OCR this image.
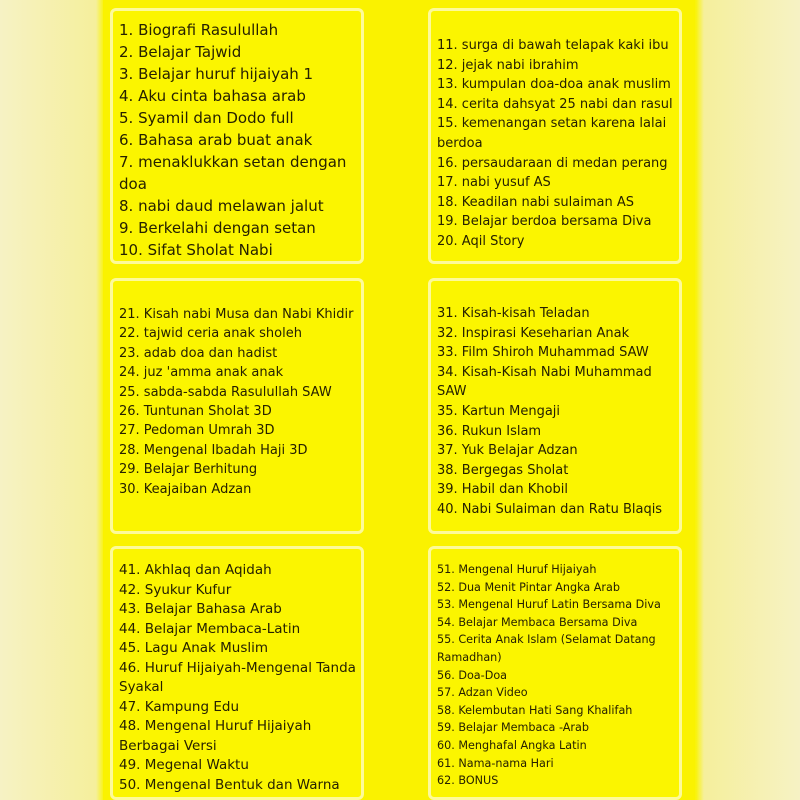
1. Biografi Rasulullah
2. Belajar Tajwid
3. Belajar huruf hijaiyah 1
4. Aku cinta bahasa arab
5. Syamil dan Dodo full
6. Bahasa arab buat anak
7. menaklukkan setan dengan
doa
8. nabi daud melawan jalut
9. Berkelahi dengan setan
10. Sifat Sholat Nabi
11. surga di bawah telapak kaki ibu
12. jejak nabi ibrahim
13. kumpulan doa-doa anak muslim
14. cerita dahsyat 25 nabi dan rasul
15. kemenangan setan karena lalai
berdoa
16. persaudaraan di medan perang
17. nabi yusuf AS
18. Keadilan nabi sulaiman AS
19. Belajar berdoa bersama Diva
20. Aqil Story
21. Kisah nabi Musa dan Nabi Khidir
22. tajwid ceria anak sholeh
23. adab doa dan hadist
24. juz 'amma anak anak
25. sabda-sabda Rasulullah SAW
26. Tuntunan Sholat 3D
27. Pedoman Umrah 3D
28. Mengenal Ibadah Haji 3D
29. Belajar Berhitung
30. Keajaiban Adzan
31. Kisah-kisah Teladan
32. Inspirasi Keseharian Anak
33. Film Shiroh Muhammad SAW
34. Kisah-Kisah Nabi Muhammad
SAW
35. Kartun Mengaji
36. Rukun Islam
37. Yuk Belajar Adzan
38. Bergegas Sholat
39. Habil dan Khobil
40. Nabi Sulaiman dan Ratu Blaqis
41. Akhlaq dan Aqidah
42. Syukur Kufur
43. Belajar Bahasa Arab
44. Belajar Membaca-Latin
45. Lagu Anak Muslim
46. Huruf Hijaiyah-Mengenal Tanda
Syakal
47. Kampung Edu
48. Mengenal Huruf Hijaiyah
Berbagai Versi
49. Megenal Waktu
50. Mengenal Bentuk dan Warna
51. Mengenal Huruf Hijaiyah
52. Dua Menit Pintar Angka Arab
53. Mengenal Huruf Latin Bersama Diva
54. Belajar Membaca Bersama Diva
55. Cerita Anak Islam (Selamat Datang
Ramadhan)
56. Doa-Doa
57. Adzan Video
58. Kelembutan Hati Sang Khalifah
59. Belajar Membaca -Arab
60. Menghafal Angka Latin
61. Nama-nama Hari
62. BONUS
